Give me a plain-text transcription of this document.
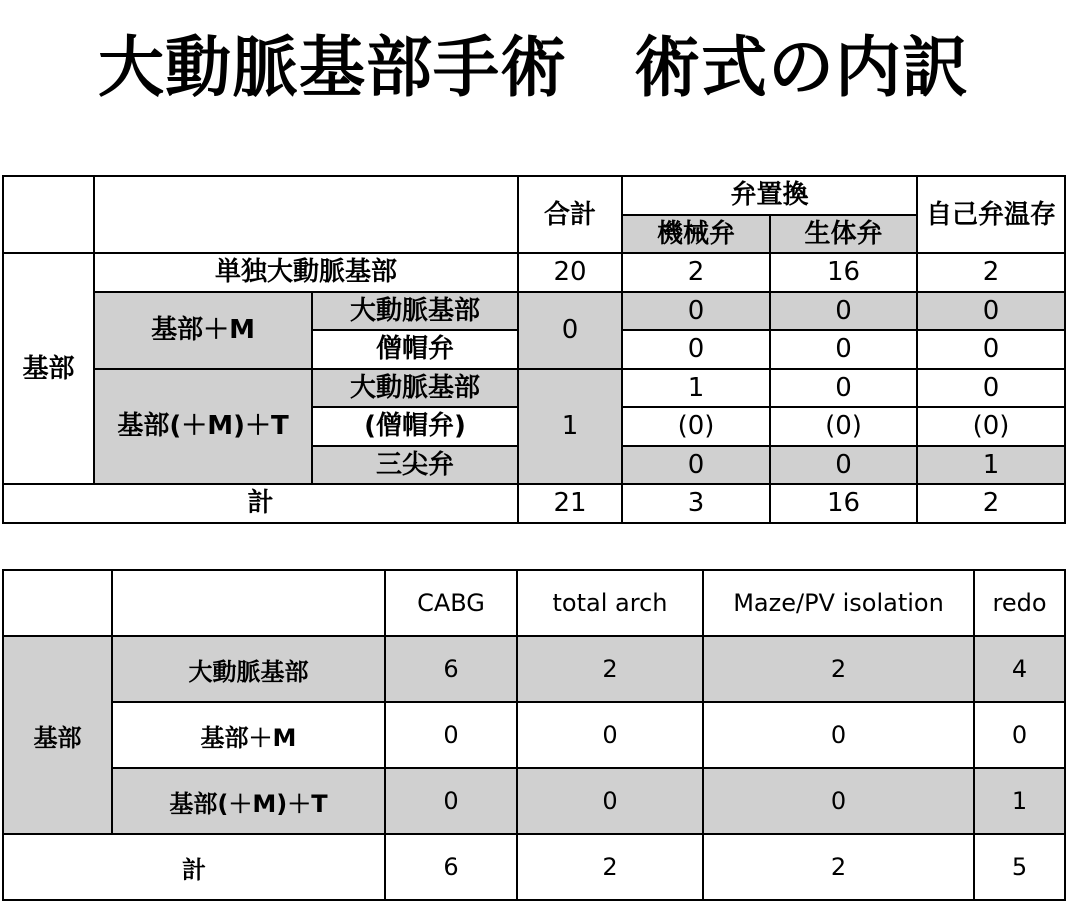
大動脈基部手術　術式の内訳
			合計	弁置換		自己弁温存
				機械弁	生体弁	
基部	単独大動脈基部		20	2	16	2
	基部＋M	大動脈基部	0	0	0	0
		僧帽弁		0	0	0
	基部(＋M)＋T	大動脈基部	1	1	0	0
		(僧帽弁)		(0)	(0)	(0)
		三尖弁		0	0	1
計			21	3	16	2
		CABG	total arch	Maze/PV isolation	redo
基部	大動脈基部	6	2	2	4
	基部＋M	0	0	0	0
	基部(＋M)＋T	0	0	0	1
計		6	2	2	5
